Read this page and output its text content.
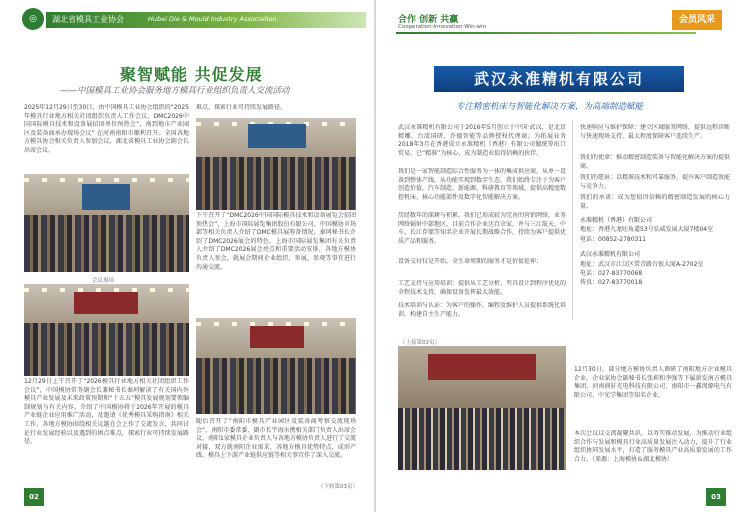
◎	湖北省模具工业协会	Hubei Die & Mould Industry Association
聚智赋能 共促发展
——中国模具工业协会服务地方模具行业组织负责人交流活动
2025年12月29日至30日，由中国模具工业协会组织的“2025年模具行业地方相关社团组织负责人工作会议，DMC2026中国国际模具技术和设备展招团单位预热会”，南到地市产业园区及装备商承办现场会议” 在河南南阳市顺利召开。全国各地方模具协会相关负责人参加会议，湖北省模具工业协会副会长出席会议。
会议现场
12月29日上午召开了“2026模具行业地方相关社团组织工作会议”，中国模协常务副会长兼秘书长秦珂解读了有关国内外模具产业发展及未来政策预期和“十五五”模具发展规划要领编制规划与有关内容。介绍了中国模协将于2026年开展的模具产业链企业应用推广活动，及邀请《优秀模具采购指南》相关工作，各地方模协围绕相关议题在会上作了交流发言，共同讨论行业发展经验以及遇到的困点难点，探索行业可持续发展路径。
难点，探索行业可持续发展路径。
下午召开了“DMC2026中国国际模具技术和设备展览会招团预热会”，上海市国际展览集团股份有限公司、中国模协市场部等相关负责人介绍了DMC模具展筹备情况，秦珂秘书长介绍了DMC2026展会的特色，上海市国际展览集团有关负责人介绍了DMC2026展会亮点和重要活动安排，各地方模协负责人参会，就展会期间企业组织、参展、参观等事宜进行沟通交流。
随后召开了“南阳市模具产业园区及装备商考察交流现场会”，南阳市委常委、副市长宇海水携相关部门负责人出席会议，南阳1家模具企业负责人与各地方模协负责人进行了交流对接，双方就南阳企业需求，各地方模具优势特点，成形产线、模具上下游产业链供应链等相关事宜作了深入交流。
（下转第03页）
02
合作 创新 共赢
Cooperation·Innovation·Win-win
会员风采
武汉永准精机有限公司
专注精密机床与智能化解决方案，为高端制造赋能
武汉永准精机有限公司于2016年5月创立于中国·武汉，是北京精雕、台湾国研、乔德智能等品牌授权代理商。为拓展业务2018年3月在香港成立永准精机（香港）有限公司做统筹出口贸易。已“精准”为核心，成为制造业值得信赖的伙伴。
我们是一家智能制造综合性服务为一体的集成供应商。从单一设备到整体产线，从功能实现到数字生态，我们始终专注于为客户创造价值。汽车制造、新能源、科研教育等领域，提供高精度数控机床、核心功能部件及数字化智能解决方案。
历经数年的深耕与积累，我们已形成较为完善的营销网络，业务网络辐射中部地区，目前合作企业达百余家，并与三江航天、中车、长江存储等知名企业开展长期战略合作，持续为客户提供优质产品和服务。
设备交付仅是开始，全生命周期的服务才是价值延伸：
工艺支持与应用培训：提供从工艺分析、夹具设计到程序优化的全程技术支持，确保设备发挥最大效能。
技术培训与认证：为客户的操作、编程及维护人员提供系统化培训，构建自主生产能力。
快速响应与维护保障：建立区域服务网络，提供远程诊断与快速现场支持，最大程度保障客户连续生产。
我们的使命：推动精密制造装备与智能化解决方案的提供商。
我们的愿景：以精准技术和可靠服务，提升客户制造效能与竞争力。
我们的承诺：成为您值得信赖的精密制造发展的核心力量。
永准精机（香港）有限公司
地址：香港九龙旺角道53号弘威发展大厦7楼04室
电话：00852-2780311
武汉永准精机有限公司
地址：武汉市江汉区常青路台银大厦A-2702室
电话：027-83770068
传真：027-83770018
（上接第02页）
12月30日，部分地方模协负责人调研了南阳地方企业模具企业、企业家协会副秘书长张莉和李强等下属新发南方模具集团、河南润轩光电科技有限公司、南阳市一鑫闵源电气有限公司、中光学集团等知名企业。
本次会议以交流凝聚共识，以务实推动发展，为推动行业组织合作与发展和模具行业高质量发展注入动力，提升了行业组织协同发展水平，打造了服务模具产业高质量发展的工作合力。（来源：上海模协＆湖北模协）
03
